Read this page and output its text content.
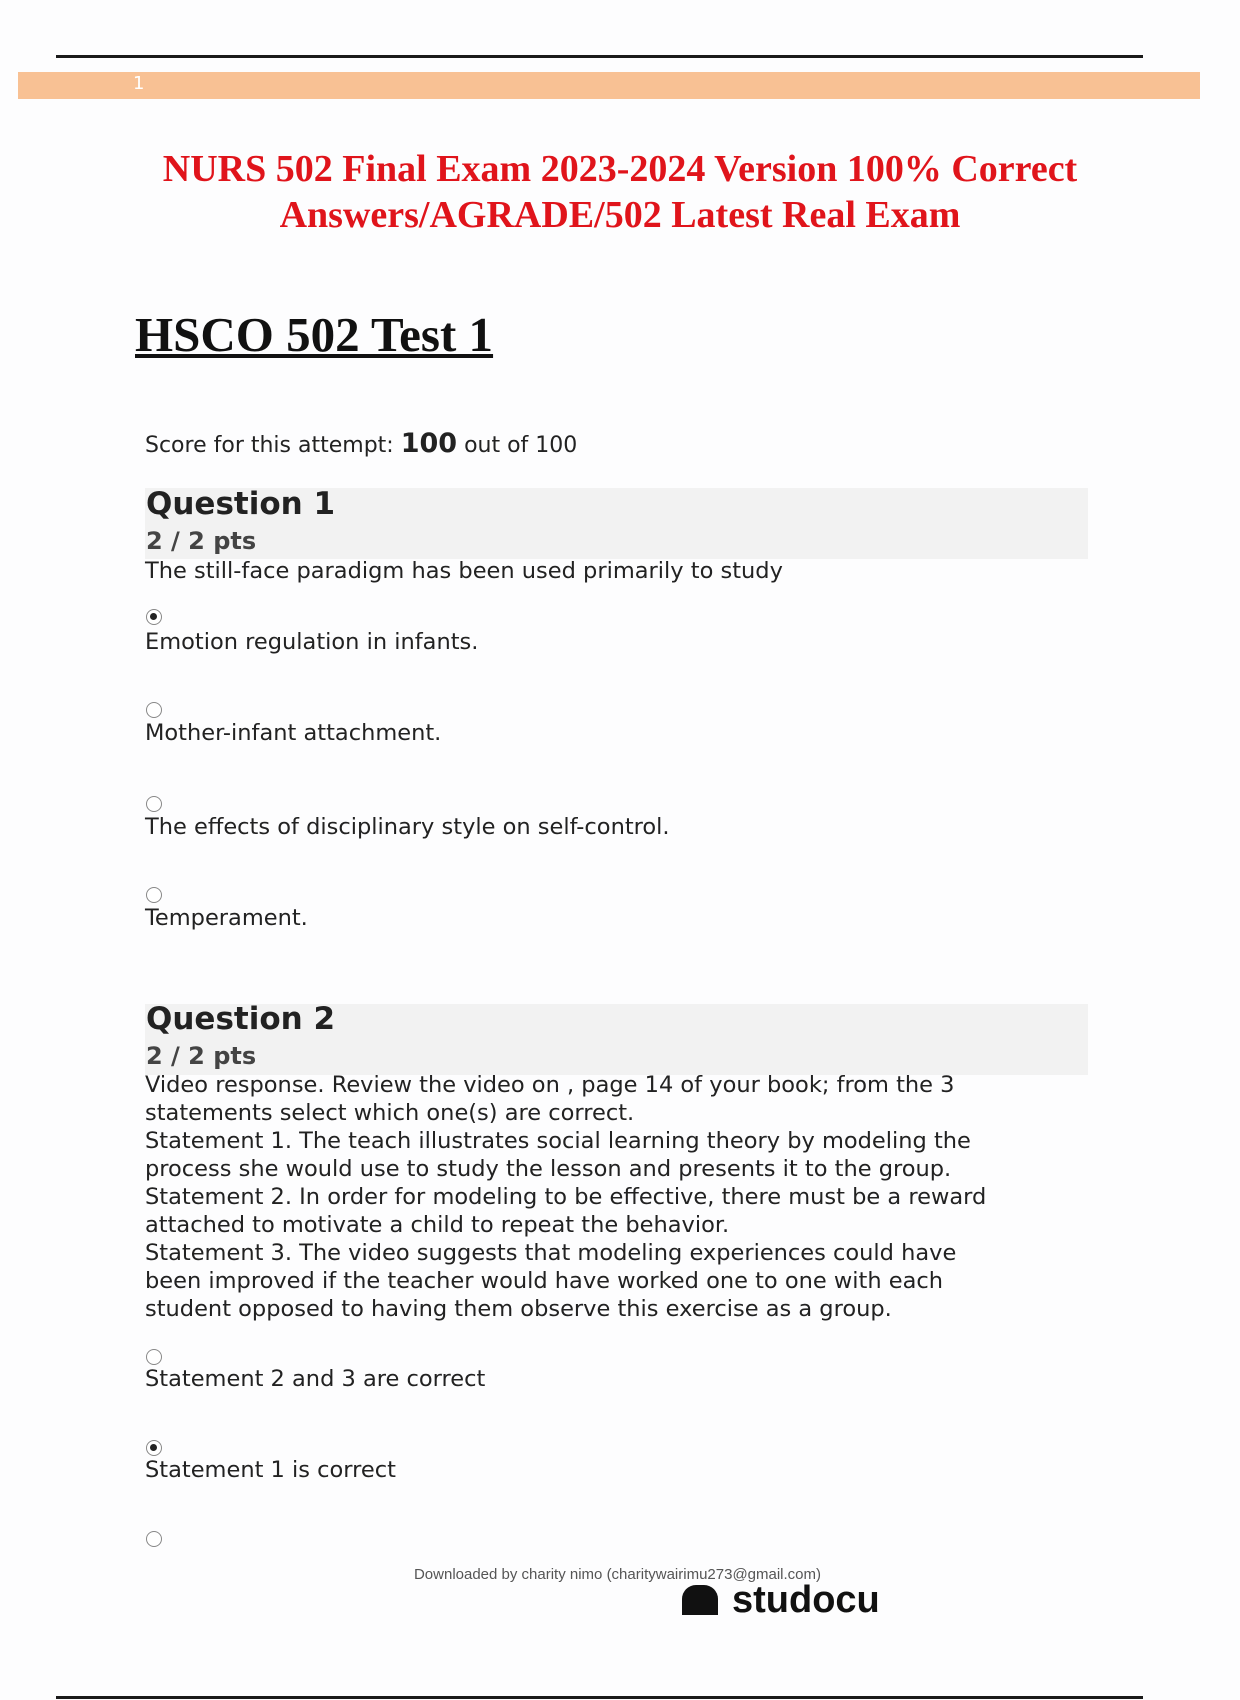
1
NURS 502 Final Exam 2023-2024 Version 100% Correct
Answers/AGRADE/502 Latest Real Exam
HSCO 502 Test 1
Score for this attempt: 100 out of 100
Question 1
2 / 2 pts
The still-face paradigm has been used primarily to study
Emotion regulation in infants.
Mother-infant attachment.
The effects of disciplinary style on self-control.
Temperament.
Question 2
2 / 2 pts
Video response. Review the video on , page 14 of your book; from the 3
statements select which one(s) are correct.
Statement 1. The teach illustrates social learning theory by modeling the
process she would use to study the lesson and presents it to the group.
Statement 2. In order for modeling to be effective, there must be a reward
attached to motivate a child to repeat the behavior.
Statement 3. The video suggests that modeling experiences could have
been improved if the teacher would have worked one to one with each
student opposed to having them observe this exercise as a group.
Statement 2 and 3 are correct
Statement 1 is correct
Downloaded by charity nimo (charitywairimu273@gmail.com)
studocu
